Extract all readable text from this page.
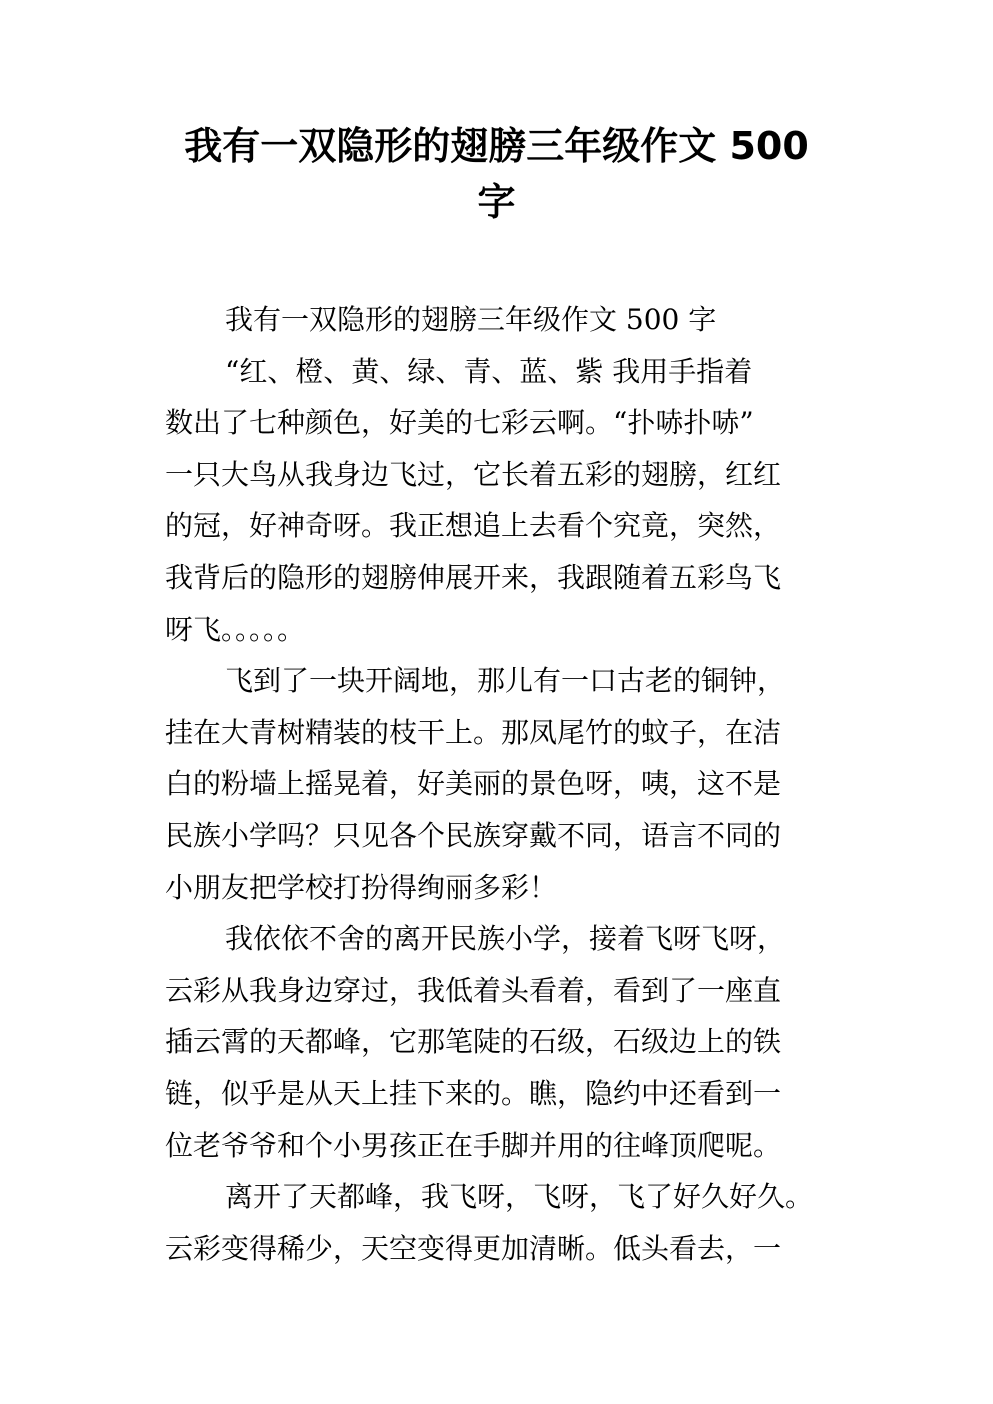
我有一双隐形的翅膀三年级作文 500
字
我有一双隐形的翅膀三年级作文 500 字
“红、橙、黄、绿、青、蓝、紫 我用手指着
数出了七种颜色，好美的七彩云啊。“扑哧扑哧”
一只大鸟从我身边飞过，它长着五彩的翅膀，红红
的冠，好神奇呀。我正想追上去看个究竟，突然，
我背后的隐形的翅膀伸展开来，我跟随着五彩鸟飞
呀飞。。。。。
飞到了一块开阔地，那儿有一口古老的铜钟，
挂在大青树精装的枝干上。那凤尾竹的蚊子，在洁
白的粉墙上摇晃着，好美丽的景色呀，咦，这不是
民族小学吗？只见各个民族穿戴不同，语言不同的
小朋友把学校打扮得绚丽多彩！
我依依不舍的离开民族小学，接着飞呀飞呀，
云彩从我身边穿过，我低着头看着，看到了一座直
插云霄的天都峰，它那笔陡的石级，石级边上的铁
链，似乎是从天上挂下来的。瞧，隐约中还看到一
位老爷爷和个小男孩正在手脚并用的往峰顶爬呢。
离开了天都峰，我飞呀，飞呀，飞了好久好久。
云彩变得稀少，天空变得更加清晰。低头看去，一
